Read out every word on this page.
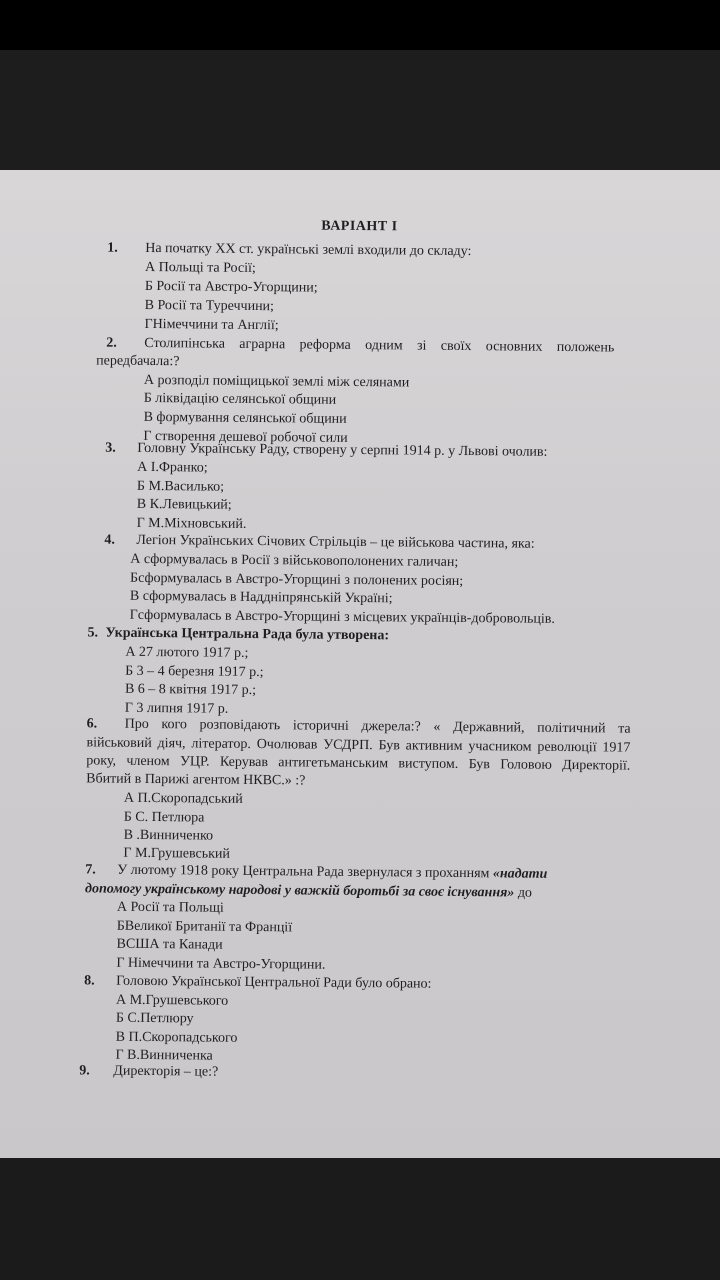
ВАРІАНТ І
1. На початку XX ст. українські землі входили до складу:
А Польщі та Росії;
Б Росії та Австро-Угорщини;
В Росії та Туреччини;
ГНімеччини та Англії;
2. Столипінська аграрна реформа одним зі своїх основних положень
передбачала:?
А розподіл поміщицької землі між селянами
Б ліквідацію селянської общини
В формування селянської общини
Г створення дешевої робочої сили
3. Головну Українську Раду, створену у серпні 1914 р. у Львові очолив:
А І.Франко;
Б М.Василько;
В К.Левицький;
Г М.Міхновський.
4. Легіон Українських Січових Стрільців – це військова частина, яка:
А сформувалась в Росії з військовополонених галичан;
Бсформувалась в Австро-Угорщині з полонених росіян;
В сформувалась в Наддніпрянській Україні;
Гсформувалась в Австро-Угорщині з місцевих українців-добровольців.
5. Українська Центральна Рада була утворена:
А 27 лютого 1917 р.;
Б 3 – 4 березня 1917 р.;
В 6 – 8 квітня 1917 р.;
Г 3 липня 1917 р.
6. Про кого розповідають історичні джерела:? « Державний, політичний та
військовий діяч, літератор. Очолював УСДРП. Був активним учасником революції 1917
року, членом УЦР. Керував антигетьманським виступом. Був Головою Директорії.
Вбитий в Парижі агентом НКВС.» :?
А П.Скоропадський
Б С. Петлюра
В .Винниченко
Г М.Грушевський
7. У лютому 1918 року Центральна Рада звернулася з проханням «надати
допомогу українському народові у важкій боротьбі за своє існування» до
А Росії та Польщі
БВеликої Британії та Франції
ВСША та Канади
Г Німеччини та Австро-Угорщини.
8. Головою Української Центральної Ради було обрано:
А М.Грушевського
Б С.Петлюру
В П.Скоропадського
Г В.Винниченка
9. Директорія – це:?
